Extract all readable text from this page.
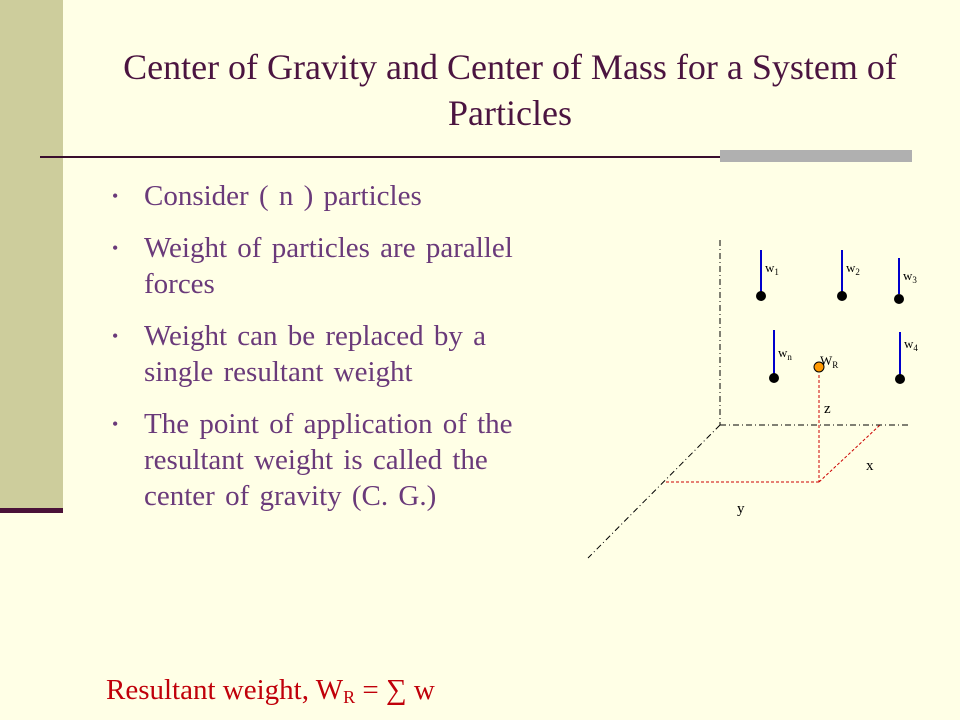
Center of Gravity and Center of Mass for a System of Particles
• Consider ( n ) particles
• Weight of particles are parallel forces
• Weight can be replaced by a single resultant weight
• The point of application of the resultant weight is called the center of gravity (C. G.)
Resultant weight, $W_R$ = ∑ w
z
x
y
$w_1$	$w_2$	$w_3$
$w_4$
$w_n$ $W_R$
